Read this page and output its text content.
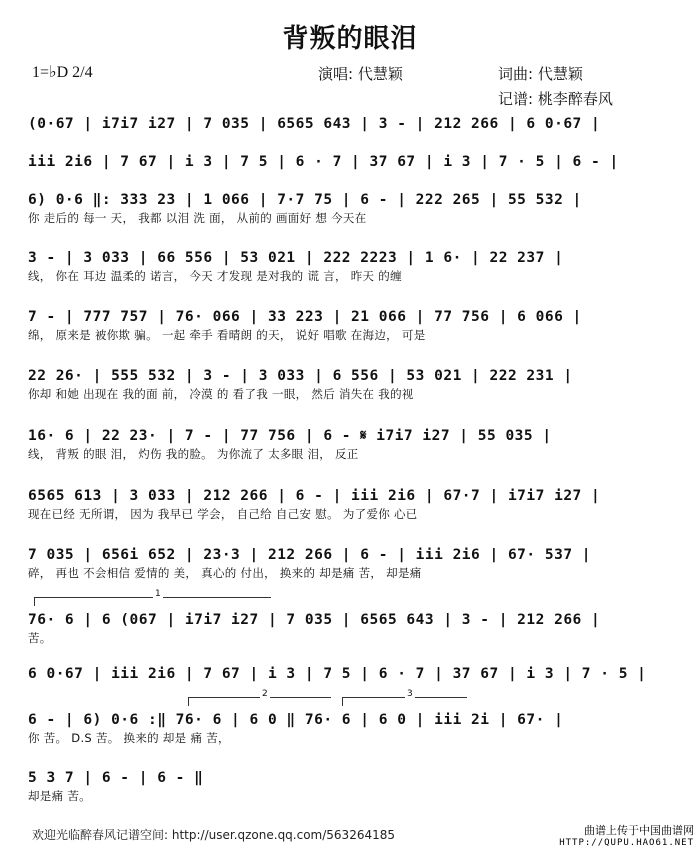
背叛的眼泪
1=♭D 2/4	演唱: 代慧颖	词曲: 代慧颖
记谱: 桃李醉春风
(0·67 | i7i7 i27 | 7 035 | 6565 643 | 3 - | 212 266 | 6 0·67 |
iii 2i6 | 7 67 | i 3 | 7 5 | 6 · 7 | 37 67 | i 3 | 7 · 5 | 6 - |
6) 0·6 ‖: 333 23 | 1 066 | 7·7 75 | 6 - | 222 265 | 55 532 |
你 走后的 每一 天， 我都 以泪 洗 面， 从前的 画面好 想 今天在
3 - | 3 033 | 66 556 | 53 021 | 222 2223 | 1 6· | 22 237 |
线， 你在 耳边 温柔的 诺言， 今天 才发现 是对我的 谎 言， 昨天 的缠
7 - | 777 757 | 76· 066 | 33 223 | 21 066 | 77 756 | 6 066 |
绵， 原来是 被你欺 骗。 一起 牵手 看晴朗 的天， 说好 唱歌 在海边， 可是
22 26· | 555 532 | 3 - | 3 033 | 6 556 | 53 021 | 222 231 |
你却 和她 出现在 我的面 前， 冷漠 的 看了我 一眼， 然后 消失在 我的视
16· 6 | 22 23· | 7 - | 77 756 | 6 - 𝄋 i7i7 i27 | 55 035 |
线， 背叛 的眼 泪， 灼伤 我的脸。 为你流了 太多眼 泪， 反正
6565 613 | 3 033 | 212 266 | 6 - | iii 2i6 | 67·7 | i7i7 i27 |
现在已经 无所谓， 因为 我早已 学会， 自己给 自己安 慰。 为了爱你 心已
7 035 | 656i 652 | 23·3 | 212 266 | 6 - | iii 2i6 | 67· 537 |
碎， 再也 不会相信 爱情的 美， 真心的 付出， 换来的 却是痛 苦， 却是痛
1
76· 6 | 6 (067 | i7i7 i27 | 7 035 | 6565 643 | 3 - | 212 266 |
苦。
6 0·67 | iii 2i6 | 7 67 | i 3 | 7 5 | 6 · 7 | 37 67 | i 3 | 7 · 5 |
2	3
6 - | 6) 0·6 :‖ 76· 6 | 6 0 ‖ 76· 6 | 6 0 | iii 2i | 67· |
你 苦。 D.S 苦。 换来的 却是 痛 苦，
5 3 7 | 6 - | 6 - ‖
却是痛 苦。
欢迎光临醉春风记谱空间: http://user.qzone.qq.com/563264185	曲谱上传于中国曲谱网
HTTP://QUPU.HAO61.NET
